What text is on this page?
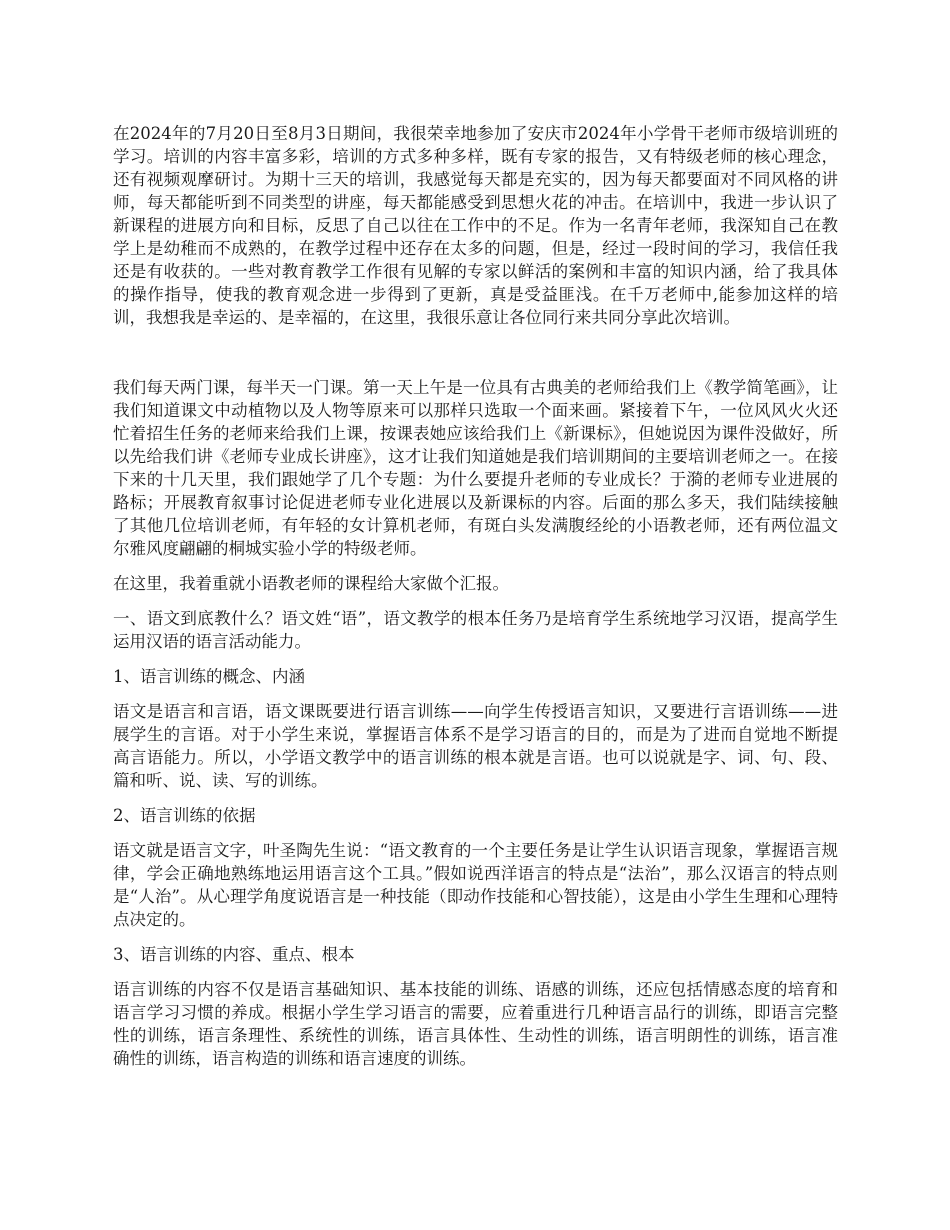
在2024年的7月20日至8月3日期间，我很荣幸地参加了安庆市2024年小学骨干老师市级培训班的学习。培训的内容丰富多彩，培训的方式多种多样，既有专家的报告，又有特级老师的核心理念，还有视频观摩研讨。为期十三天的培训，我感觉每天都是充实的，因为每天都要面对不同风格的讲师，每天都能听到不同类型的讲座，每天都能感受到思想火花的冲击。在培训中，我进一步认识了新课程的进展方向和目标，反思了自己以往在工作中的不足。作为一名青年老师，我深知自己在教学上是幼稚而不成熟的，在教学过程中还存在太多的问题，但是，经过一段时间的学习，我信任我还是有收获的。一些对教育教学工作很有见解的专家以鲜活的案例和丰富的知识内涵，给了我具体的操作指导，使我的教育观念进一步得到了更新，真是受益匪浅。在千万老师中,能参加这样的培训，我想我是幸运的、是幸福的，在这里，我很乐意让各位同行来共同分享此次培训。

我们每天两门课，每半天一门课。第一天上午是一位具有古典美的老师给我们上《教学简笔画》，让我们知道课文中动植物以及人物等原来可以那样只选取一个面来画。紧接着下午，一位风风火火还忙着招生任务的老师来给我们上课，按课表她应该给我们上《新课标》，但她说因为课件没做好，所以先给我们讲《老师专业成长讲座》，这才让我们知道她是我们培训期间的主要培训老师之一。在接下来的十几天里，我们跟她学了几个专题：为什么要提升老师的专业成长？于漪的老师专业进展的路标；开展教育叙事讨论促进老师专业化进展以及新课标的内容。后面的那么多天，我们陆续接触了其他几位培训老师，有年轻的女计算机老师，有斑白头发满腹经纶的小语教老师，还有两位温文尔雅风度翩翩的桐城实验小学的特级老师。

在这里，我着重就小语教老师的课程给大家做个汇报。

一、语文到底教什么？语文姓“语”，语文教学的根本任务乃是培育学生系统地学习汉语，提高学生运用汉语的语言活动能力。

1、语言训练的概念、内涵

语文是语言和言语，语文课既要进行语言训练——向学生传授语言知识，又要进行言语训练——进展学生的言语。对于小学生来说，掌握语言体系不是学习语言的目的，而是为了进而自觉地不断提高言语能力。所以，小学语文教学中的语言训练的根本就是言语。也可以说就是字、词、句、段、篇和听、说、读、写的训练。

2、语言训练的依据

语文就是语言文字，叶圣陶先生说：“语文教育的一个主要任务是让学生认识语言现象，掌握语言规律，学会正确地熟练地运用语言这个工具。”假如说西洋语言的特点是“法治”，那么汉语言的特点则是“人治”。从心理学角度说语言是一种技能（即动作技能和心智技能），这是由小学生生理和心理特点决定的。

3、语言训练的内容、重点、根本

语言训练的内容不仅是语言基础知识、基本技能的训练、语感的训练，还应包括情感态度的培育和语言学习习惯的养成。根据小学生学习语言的需要，应着重进行几种语言品行的训练，即语言完整性的训练，语言条理性、系统性的训练，语言具体性、生动性的训练，语言明朗性的训练，语言准确性的训练，语言构造的训练和语言速度的训练。
